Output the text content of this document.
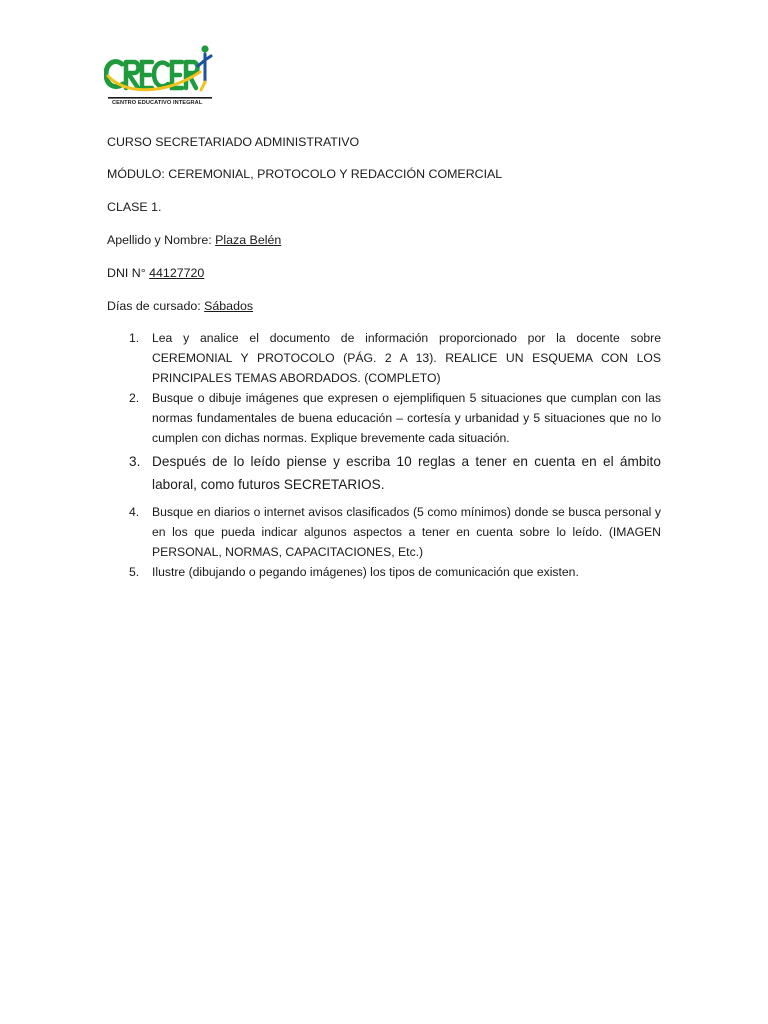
CENTRO EDUCATIVO INTEGRAL
CURSO SECRETARIADO ADMINISTRATIVO
MÓDULO: CEREMONIAL, PROTOCOLO Y REDACCIÓN COMERCIAL
CLASE 1.
Apellido y Nombre: Plaza Belén
DNI N° 44127720
Días de cursado: Sábados
1. Lea y analice el documento de información proporcionado por la docente sobre CEREMONIAL Y PROTOCOLO (PÁG. 2 A 13). REALICE UN ESQUEMA CON LOS PRINCIPALES TEMAS ABORDADOS. (COMPLETO)
2. Busque o dibuje imágenes que expresen o ejemplifiquen 5 situaciones que cumplan con las normas fundamentales de buena educación – cortesía y urbanidad y 5 situaciones que no lo cumplen con dichas normas. Explique brevemente cada situación.
3. Después de lo leído piense y escriba 10 reglas a tener en cuenta en el ámbito laboral, como futuros SECRETARIOS.
4. Busque en diarios o internet avisos clasificados (5 como mínimos) donde se busca personal y en los que pueda indicar algunos aspectos a tener en cuenta sobre lo leído. (IMAGEN PERSONAL, NORMAS, CAPACITACIONES, Etc.)
5. Ilustre (dibujando o pegando imágenes) los tipos de comunicación que existen.
